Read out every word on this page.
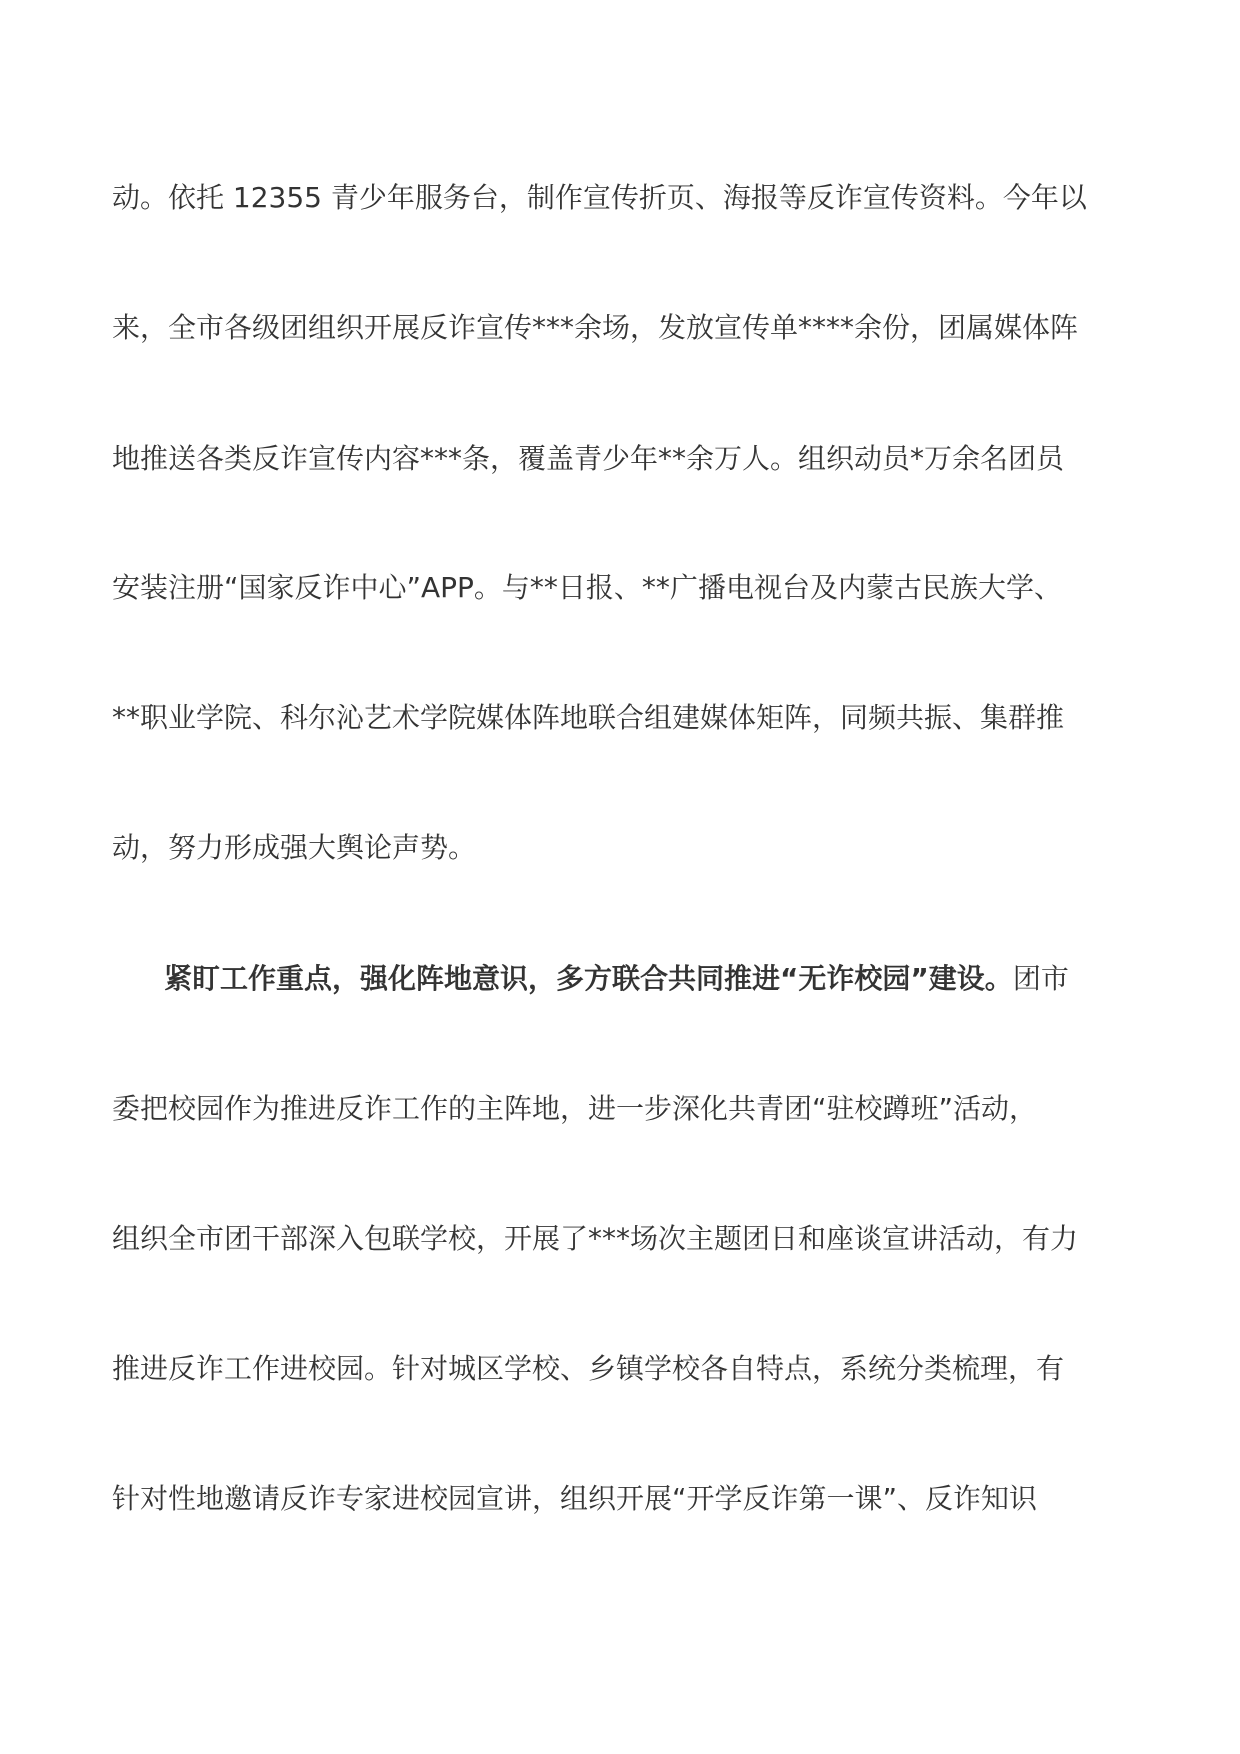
动。依托 12355 青少年服务台，制作宣传折页、海报等反诈宣传资料。今年以
来，全市各级团组织开展反诈宣传***余场，发放宣传单****余份，团属媒体阵
地推送各类反诈宣传内容***条，覆盖青少年**余万人。组织动员*万余名团员
安装注册“国家反诈中心”APP。与**日报、**广播电视台及内蒙古民族大学、
**职业学院、科尔沁艺术学院媒体阵地联合组建媒体矩阵，同频共振、集群推
动，努力形成强大舆论声势。
紧盯工作重点，强化阵地意识，多方联合共同推进“无诈校园”建设。团市
委把校园作为推进反诈工作的主阵地，进一步深化共青团“驻校蹲班”活动，
组织全市团干部深入包联学校，开展了***场次主题团日和座谈宣讲活动，有力
推进反诈工作进校园。针对城区学校、乡镇学校各自特点，系统分类梳理，有
针对性地邀请反诈专家进校园宣讲，组织开展“开学反诈第一课”、反诈知识
